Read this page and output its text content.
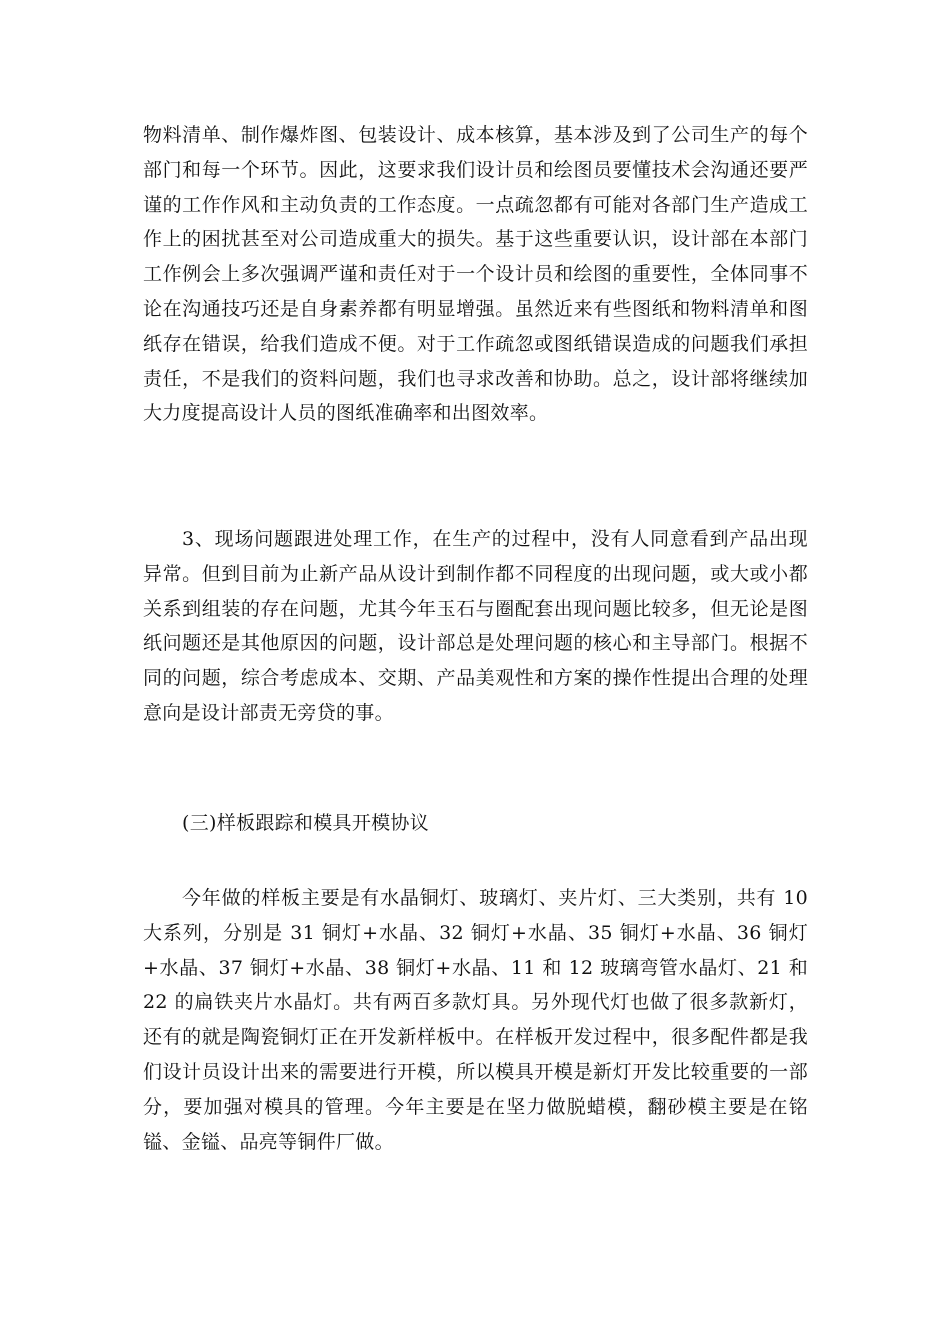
物料清单、制作爆炸图、包装设计、成本核算，基本涉及到了公司生产的每个部门和每一个环节。因此，这要求我们设计员和绘图员要懂技术会沟通还要严谨的工作作风和主动负责的工作态度。一点疏忽都有可能对各部门生产造成工作上的困扰甚至对公司造成重大的损失。基于这些重要认识，设计部在本部门工作例会上多次强调严谨和责任对于一个设计员和绘图的重要性，全体同事不论在沟通技巧还是自身素养都有明显增强。虽然近来有些图纸和物料清单和图纸存在错误，给我们造成不便。对于工作疏忽或图纸错误造成的问题我们承担责任，不是我们的资料问题，我们也寻求改善和协助。总之，设计部将继续加大力度提高设计人员的图纸准确率和出图效率。

3、现场问题跟进处理工作，在生产的过程中，没有人同意看到产品出现异常。但到目前为止新产品从设计到制作都不同程度的出现问题，或大或小都关系到组装的存在问题，尤其今年玉石与圈配套出现问题比较多，但无论是图纸问题还是其他原因的问题，设计部总是处理问题的核心和主导部门。根据不同的问题，综合考虑成本、交期、产品美观性和方案的操作性提出合理的处理意向是设计部责无旁贷的事。

(三)样板跟踪和模具开模协议

今年做的样板主要是有水晶铜灯、玻璃灯、夹片灯、三大类别，共有 10 大系列，分别是 31 铜灯+水晶、32 铜灯+水晶、35 铜灯+水晶、36 铜灯+水晶、37 铜灯+水晶、38 铜灯+水晶、11 和 12 玻璃弯管水晶灯、21 和 22 的扁铁夹片水晶灯。共有两百多款灯具。另外现代灯也做了很多款新灯，还有的就是陶瓷铜灯正在开发新样板中。在样板开发过程中，很多配件都是我们设计员设计出来的需要进行开模，所以模具开模是新灯开发比较重要的一部分，要加强对模具的管理。今年主要是在坚力做脱蜡模，翻砂模主要是在铭镒、金镒、品亮等铜件厂做。
